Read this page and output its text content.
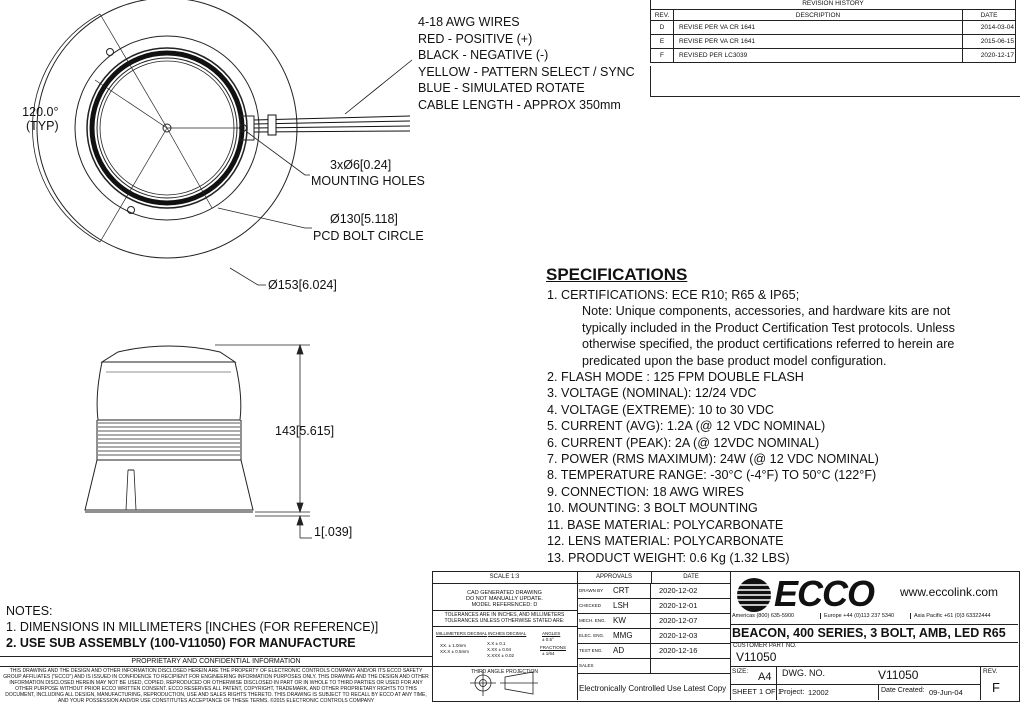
4-18 AWG WIRES
RED - POSITIVE (+)
BLACK - NEGATIVE (-)
YELLOW - PATTERN SELECT / SYNC
BLUE - SIMULATED ROTATE
CABLE LENGTH - APPROX 350mm
120.0°
(TYP)
3xØ6[0.24]
MOUNTING HOLES
Ø130[5.118]
PCD BOLT CIRCLE
Ø153[6.024]
143[5.615]
1[.039]
REVISION HISTORY		
REV.	DESCRIPTION	DATE
D	REVISE PER VA CR 1641	2014-03-04
E	REVISE PER VA CR 1641	2015-06-15
F	REVISED PER LC3039	2020-12-17
SPECIFICATIONS
1. CERTIFICATIONS: ECE R10; R65 & IP65;
Note: Unique components, accessories, and hardware kits are not
typically included in the Product Certification Test protocols. Unless
otherwise specified, the product certifications referred to herein are
predicated upon the base product model configuration.
2. FLASH MODE : 125 FPM DOUBLE FLASH
3. VOLTAGE (NOMINAL): 12/24 VDC
4. VOLTAGE (EXTREME): 10 to 30 VDC
5. CURRENT (AVG): 1.2A (@ 12 VDC NOMINAL)
6. CURRENT (PEAK): 2A (@ 12VDC NOMINAL)
7. POWER (RMS MAXIMUM): 24W (@ 12 VDC NOMINAL)
8. TEMPERATURE RANGE: -30°C (-4°F) TO 50°C (122°F)
9. CONNECTION: 18 AWG WIRES
10. MOUNTING: 3 BOLT MOUNTING
11. BASE MATERIAL: POLYCARBONATE
12. LENS MATERIAL: POLYCARBONATE
13. PRODUCT WEIGHT: 0.6 Kg (1.32 LBS)
NOTES:
1. DIMENSIONS IN MILLIMETERS [INCHES (FOR REFERENCE)]
2. USE SUB ASSEMBLY (100-V11050) FOR MANUFACTURE
PROPRIETARY AND CONFIDENTIAL INFORMATION
THIS DRAWING AND THE DESIGN AND OTHER INFORMATION DISCLOSED HEREIN ARE THE PROPERTY OF ELECTRONIC CONTROLS COMPANY AND/OR ITS ECCO SAFETY GROUP AFFILIATES ("ECCO") AND IS ISSUED IN CONFIDENCE TO RECIPIENT FOR ENGINEERING INFORMATION PURPOSES ONLY. THIS DRAWING AND THE DESIGN AND OTHER INFORMATION DISCLOSED HEREIN MAY NOT BE USED, COPIED, REPRODUCED OR OTHERWISE DISCLOSED IN PART OR IN WHOLE TO THIRD PARTIES OR USED FOR ANY OTHER PURPOSE WITHOUT PRIOR ECCO WRITTEN CONSENT. ECCO RESERVES ALL PATENT, COPYRIGHT, TRADEMARK, AND OTHER PROPRIETARY RIGHTS TO THIS DOCUMENT, INCLUDING ALL DESIGN, MANUFACTURING, REPRODUCTION, USE AND SALES RIGHTS THERETO. THIS DRAWING IS SUBJECT TO RECALL BY ECCO AT ANY TIME, AND YOUR POSSESSION AND/OR USE CONSTITUTES ACCEPTANCE OF THESE TERMS. ©2015 ELECTRONIC CONTROLS COMPANY
SCALE 1:3
CAD GENERATED DRAWING
DO NOT MANUALLY UPDATE.
MODEL REFERENCED: D
TOLERANCES ARE IN INCHES, AND MILLIMETERS
TOLERANCES UNLESS OTHERWISE STATED ARE:
MILLIMETERS DECIMAL INCHES DECIMAL	ANGLES
± 0.5°
XX. ± 1.0mm
XX.X ± 0.5mm
X.X ± 0.1
X.XX ± 0.04
X.XXX ± 0.02
FRACTIONS
± 1/64
THIRD ANGLE PROJECTION
APPROVALS	DATE
DRAWN BY	CRT	2020-12-02
CHECKED	LSH	2020-12-01
MECH. ENG. KW	2020-12-07
ELEC. ENG.	MMG	2020-12-03
TEST ENG.	AD	2020-12-16
SALES
Electronically Controlled Use Latest Copy
ECCO www.eccolink.com
Americas (800) 635-5900	Europe +44 (0)113 237 5340	Asia Pacific +61 (0)3 63322444
BEACON, 400 SERIES, 3 BOLT, AMB, LED R65
CUSTOMER PART NO.
V11050
SIZE: A4 DWG. NO.	V11050	REV.
F
SHEET 1 OF 1
Project: 12002	Date Created: 09-Jun-04
